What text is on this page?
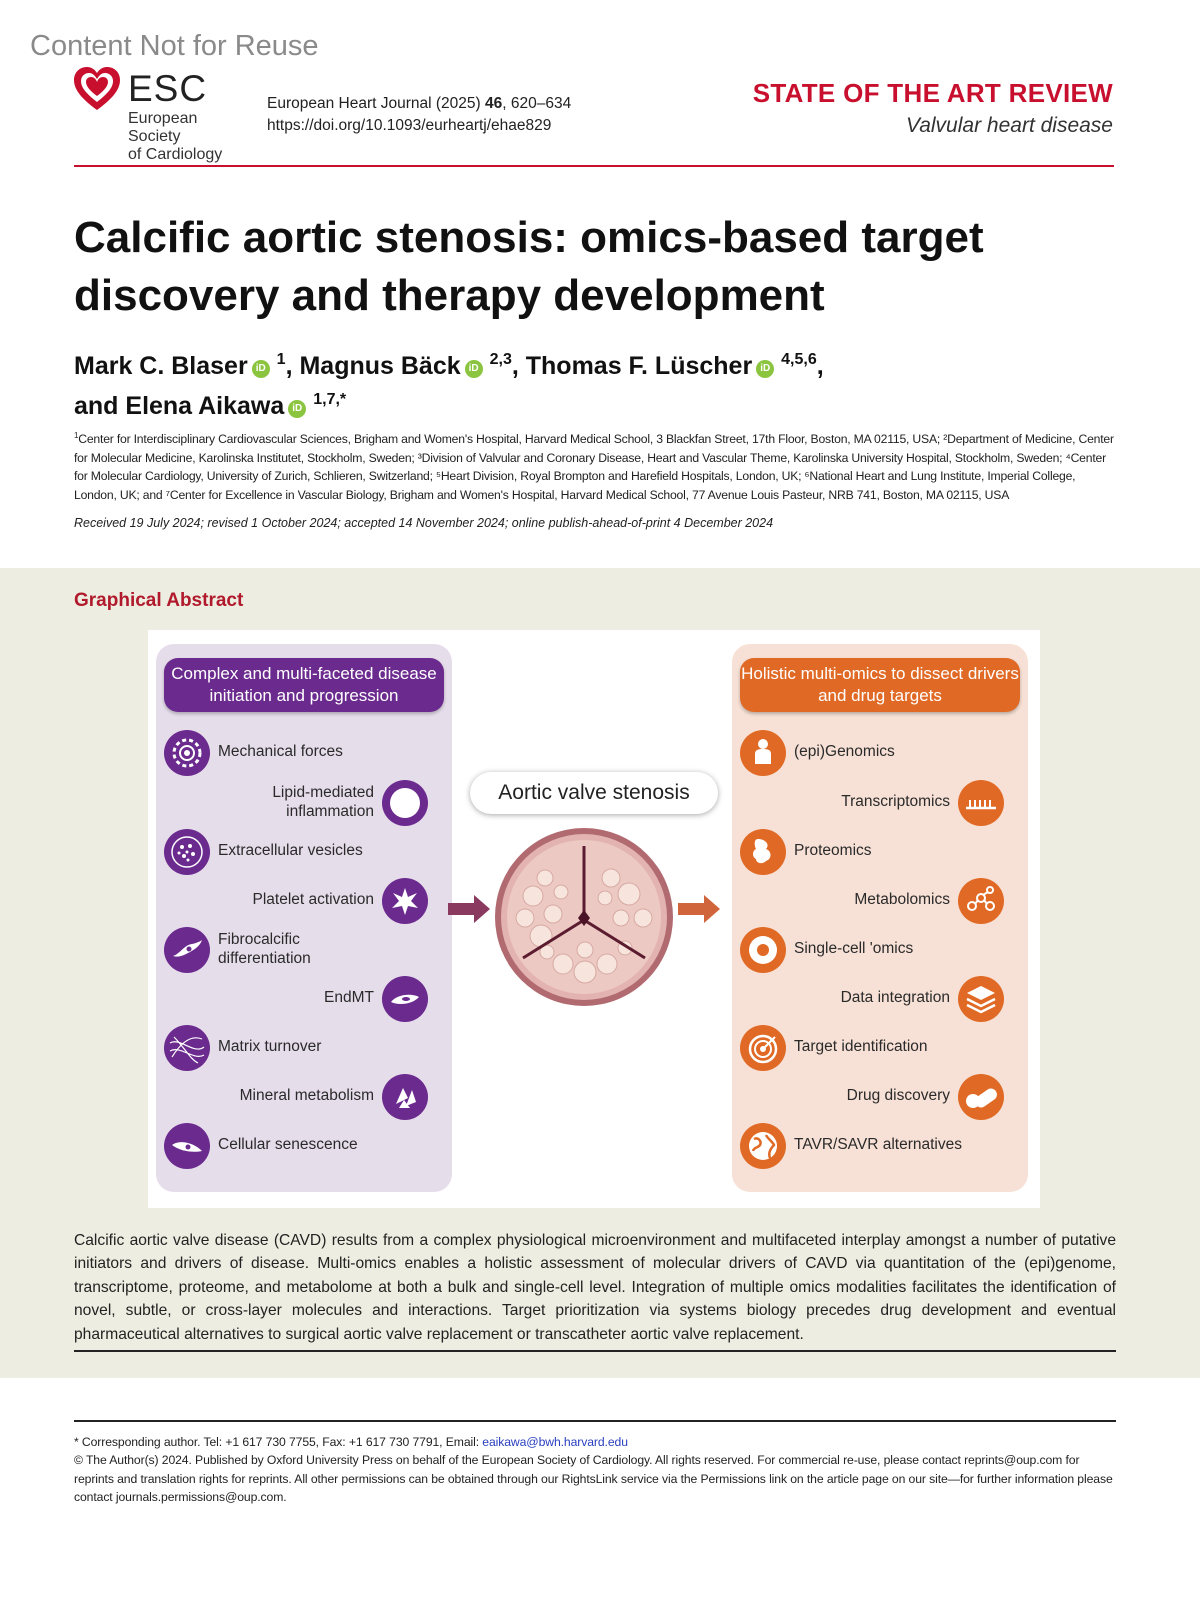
Content Not for Reuse
ESC
European Society
of Cardiology
European Heart Journal (2025) 46, 620–634
https://doi.org/10.1093/eurheartj/ehae829
STATE OF THE ART REVIEW
Valvular heart disease
Calcific aortic stenosis: omics-based target discovery and therapy development
Mark C. Blaser iD $^1$, Magnus Bäck iD $^{2,3}$, Thomas F. Lüscher iD $^{4,5,6}$,
and Elena Aikawa iD $^{1,7,*}$
$^1$Center for Interdisciplinary Cardiovascular Sciences, Brigham and Women's Hospital, Harvard Medical School, 3 Blackfan Street, 17th Floor, Boston, MA 02115, USA; ²Department of Medicine, Center for Molecular Medicine, Karolinska Institutet, Stockholm, Sweden; ³Division of Valvular and Coronary Disease, Heart and Vascular Theme, Karolinska University Hospital, Stockholm, Sweden; ⁴Center for Molecular Cardiology, University of Zurich, Schlieren, Switzerland; ⁵Heart Division, Royal Brompton and Harefield Hospitals, London, UK; ⁶National Heart and Lung Institute, Imperial College, London, UK; and ⁷Center for Excellence in Vascular Biology, Brigham and Women's Hospital, Harvard Medical School, 77 Avenue Louis Pasteur, NRB 741, Boston, MA 02115, USA
Received 19 July 2024; revised 1 October 2024; accepted 14 November 2024; online publish-ahead-of-print 4 December 2024
Graphical Abstract
Complex and multi-faceted disease initiation and progression
Mechanical forces
Lipid-mediated inflammation
Extracellular vesicles
Platelet activation
Fibrocalcific differentiation
EndMT
Matrix turnover
Mineral metabolism
Cellular senescence
Aortic valve stenosis
Holistic multi-omics to dissect drivers and drug targets
(epi)Genomics
Transcriptomics
Proteomics
Metabolomics
Single-cell 'omics
Data integration
Target identification
Drug discovery
TAVR/SAVR alternatives

Calcific aortic valve disease (CAVD) results from a complex physiological microenvironment and multifaceted interplay amongst a number of putative initiators and drivers of disease. Multi-omics enables a holistic assessment of molecular drivers of CAVD via quantitation of the (epi)genome, transcriptome, proteome, and metabolome at both a bulk and single-cell level. Integration of multiple omics modalities facilitates the identification of novel, subtle, or cross-layer molecules and interactions. Target prioritization via systems biology precedes drug development and eventual pharmaceutical alternatives to surgical aortic valve replacement or transcatheter aortic valve replacement.

* Corresponding author. Tel: +1 617 730 7755, Fax: +1 617 730 7791, Email: eaikawa@bwh.harvard.edu
© The Author(s) 2024. Published by Oxford University Press on behalf of the European Society of Cardiology. All rights reserved. For commercial re-use, please contact reprints@oup.com for reprints and translation rights for reprints. All other permissions can be obtained through our RightsLink service via the Permissions link on the article page on our site—for further information please contact journals.permissions@oup.com.
